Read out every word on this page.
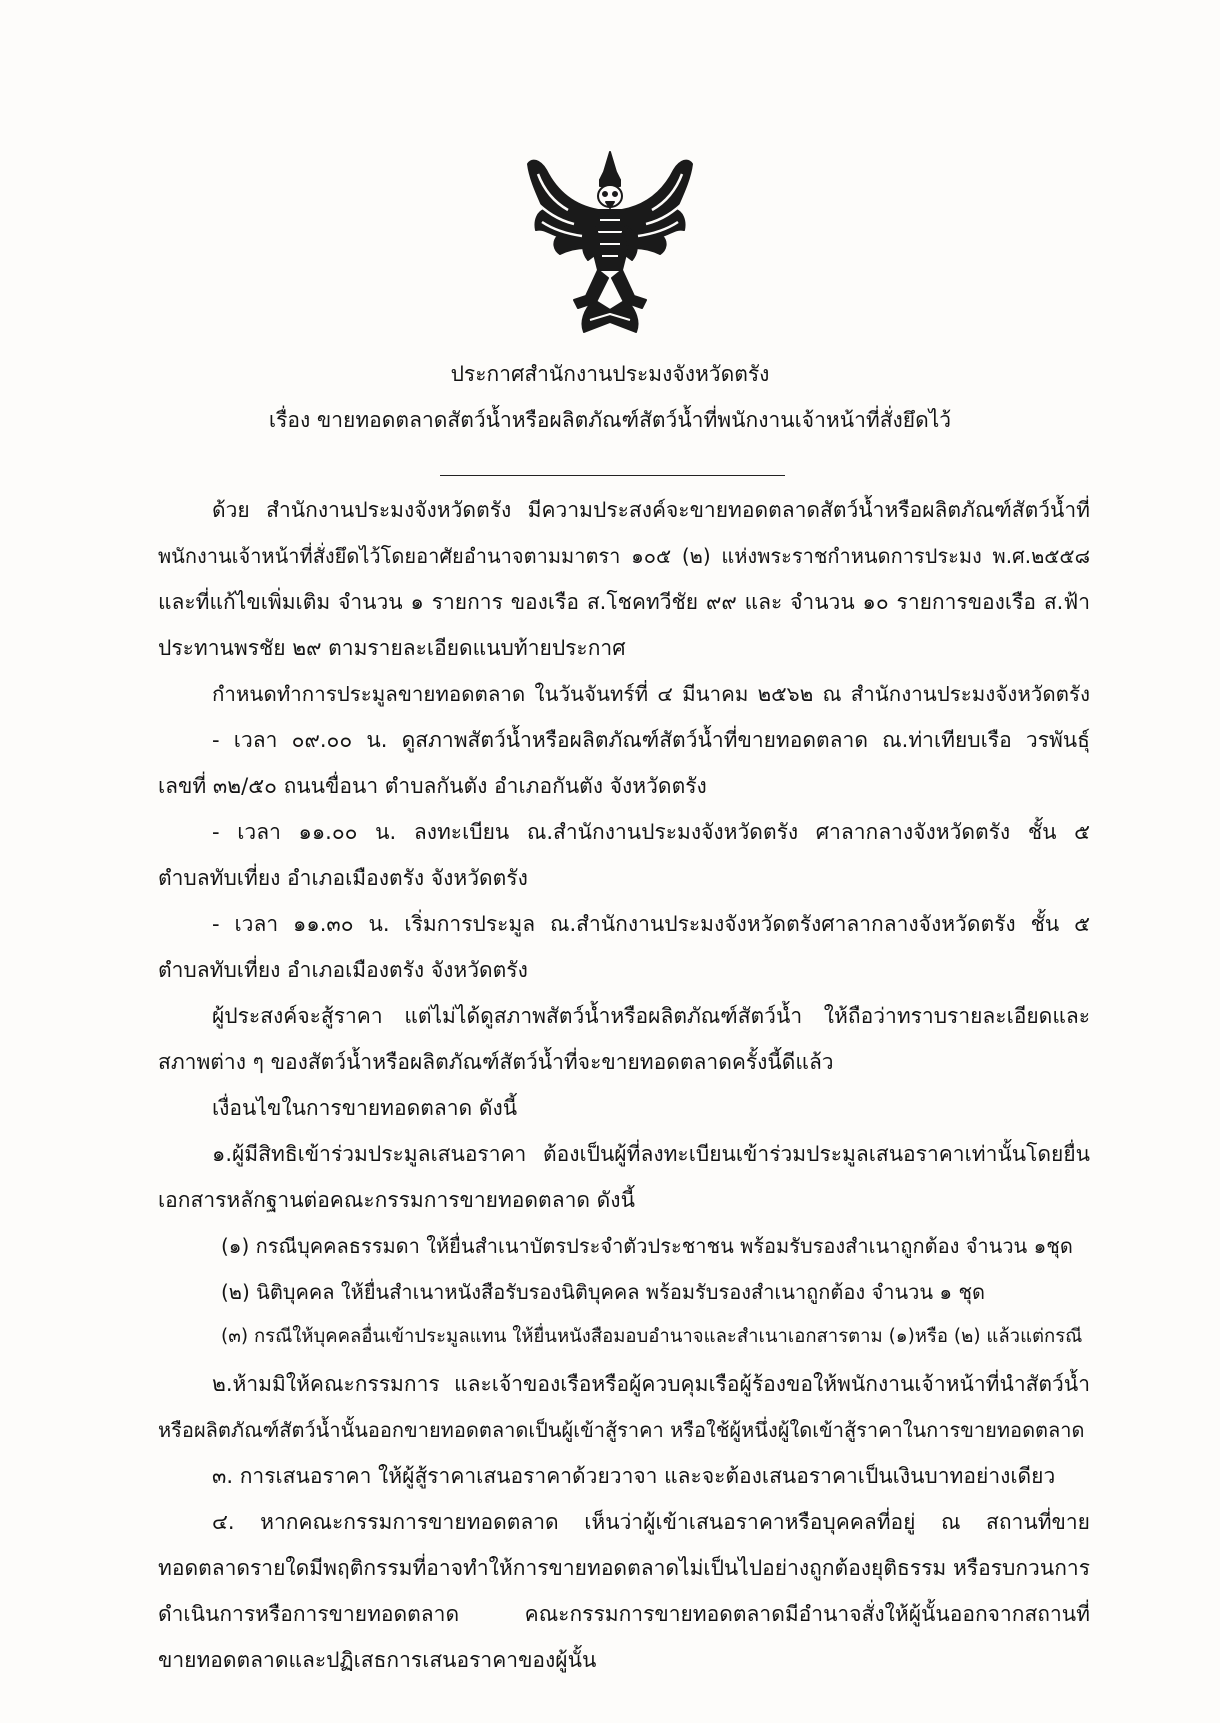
ประกาศสำนักงานประมงจังหวัดตรัง
เรื่อง ขายทอดตลาดสัตว์น้ำหรือผลิตภัณฑ์สัตว์น้ำที่พนักงานเจ้าหน้าที่สั่งยึดไว้
ด้วย สำนักงานประมงจังหวัดตรัง มีความประสงค์จะขายทอดตลาดสัตว์น้ำหรือผลิตภัณฑ์สัตว์น้ำที่
พนักงานเจ้าหน้าที่สั่งยึดไว้โดยอาศัยอำนาจตามมาตรา ๑๐๕ (๒) แห่งพระราชกำหนดการประมง พ.ศ.๒๕๕๘
และที่แก้ไขเพิ่มเติม จำนวน ๑ รายการ ของเรือ ส.โชคทวีชัย ๙๙ และ จำนวน ๑๐ รายการของเรือ ส.ฟ้า
ประทานพรชัย ๒๙ ตามรายละเอียดแนบท้ายประกาศ
กำหนดทำการประมูลขายทอดตลาด ในวันจันทร์ที่ ๔ มีนาคม ๒๕๖๒ ณ สำนักงานประมงจังหวัดตรัง
- เวลา ๐๙.๐๐ น. ดูสภาพสัตว์น้ำหรือผลิตภัณฑ์สัตว์น้ำที่ขายทอดตลาด ณ.ท่าเทียบเรือ วรพันธุ์
เลขที่ ๓๒/๕๐ ถนนขื่อนา ตำบลกันตัง อำเภอกันตัง จังหวัดตรัง
- เวลา ๑๑.๐๐ น. ลงทะเบียน ณ.สำนักงานประมงจังหวัดตรัง ศาลากลางจังหวัดตรัง ชั้น ๕
ตำบลทับเที่ยง อำเภอเมืองตรัง จังหวัดตรัง
- เวลา ๑๑.๓๐ น. เริ่มการประมูล ณ.สำนักงานประมงจังหวัดตรังศาลากลางจังหวัดตรัง ชั้น ๕
ตำบลทับเที่ยง อำเภอเมืองตรัง จังหวัดตรัง
ผู้ประสงค์จะสู้ราคา แต่ไม่ได้ดูสภาพสัตว์น้ำหรือผลิตภัณฑ์สัตว์น้ำ ให้ถือว่าทราบรายละเอียดและ
สภาพต่าง ๆ ของสัตว์น้ำหรือผลิตภัณฑ์สัตว์น้ำที่จะขายทอดตลาดครั้งนี้ดีแล้ว
เงื่อนไขในการขายทอดตลาด ดังนี้
๑.ผู้มีสิทธิเข้าร่วมประมูลเสนอราคา ต้องเป็นผู้ที่ลงทะเบียนเข้าร่วมประมูลเสนอราคาเท่านั้นโดยยื่น
เอกสารหลักฐานต่อคณะกรรมการขายทอดตลาด ดังนี้
(๑) กรณีบุคคลธรรมดา ให้ยื่นสำเนาบัตรประจำตัวประชาชน พร้อมรับรองสำเนาถูกต้อง จำนวน ๑ชุด
(๒) นิติบุคคล ให้ยื่นสำเนาหนังสือรับรองนิติบุคคล พร้อมรับรองสำเนาถูกต้อง จำนวน ๑ ชุด
(๓) กรณีให้บุคคลอื่นเข้าประมูลแทน ให้ยื่นหนังสือมอบอำนาจและสำเนาเอกสารตาม (๑)หรือ (๒) แล้วแต่กรณี
๒.ห้ามมิให้คณะกรรมการ และเจ้าของเรือหรือผู้ควบคุมเรือผู้ร้องขอให้พนักงานเจ้าหน้าที่นำสัตว์น้ำ
หรือผลิตภัณฑ์สัตว์น้ำนั้นออกขายทอดตลาดเป็นผู้เข้าสู้ราคา หรือใช้ผู้หนึ่งผู้ใดเข้าสู้ราคาในการขายทอดตลาด
๓. การเสนอราคา ให้ผู้สู้ราคาเสนอราคาด้วยวาจา และจะต้องเสนอราคาเป็นเงินบาทอย่างเดียว
๔. หากคณะกรรมการขายทอดตลาด เห็นว่าผู้เข้าเสนอราคาหรือบุคคลที่อยู่ ณ สถานที่ขาย
ทอดตลาดรายใดมีพฤติกรรมที่อาจทำให้การขายทอดตลาดไม่เป็นไปอย่างถูกต้องยุติธรรม หรือรบกวนการ
ดำเนินการหรือการขายทอดตลาด คณะกรรมการขายทอดตลาดมีอำนาจสั่งให้ผู้นั้นออกจากสถานที่
ขายทอดตลาดและปฏิเสธการเสนอราคาของผู้นั้น
